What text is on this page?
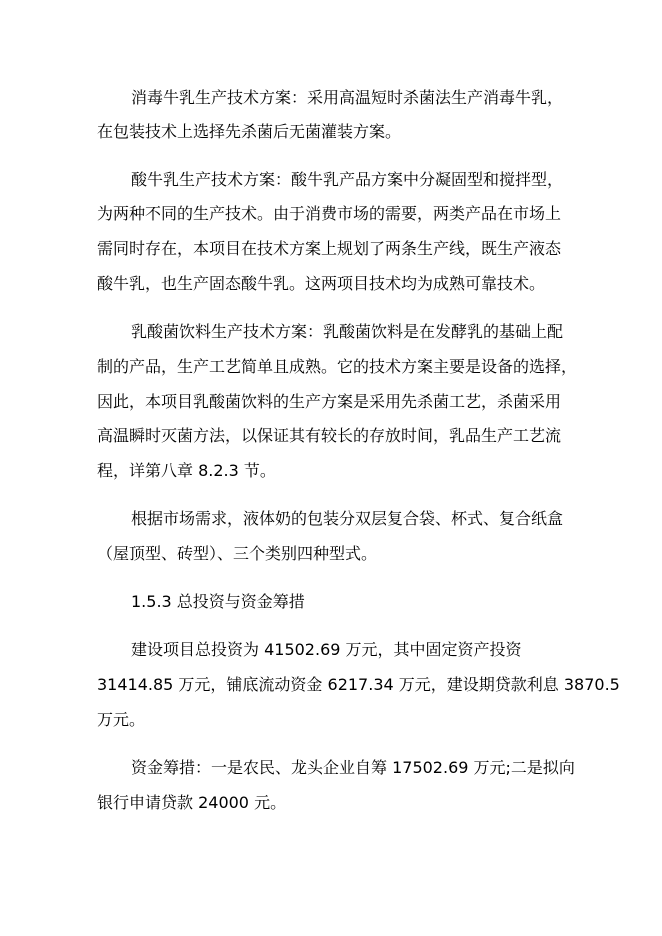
消毒牛乳生产技术方案：采用高温短时杀菌法生产消毒牛乳，
在包装技术上选择先杀菌后无菌灌装方案。
酸牛乳生产技术方案：酸牛乳产品方案中分凝固型和搅拌型，
为两种不同的生产技术。由于消费市场的需要，两类产品在市场上
需同时存在，本项目在技术方案上规划了两条生产线，既生产液态
酸牛乳，也生产固态酸牛乳。这两项目技术均为成熟可靠技术。
乳酸菌饮料生产技术方案：乳酸菌饮料是在发酵乳的基础上配
制的产品，生产工艺简单且成熟。它的技术方案主要是设备的选择，
因此，本项目乳酸菌饮料的生产方案是采用先杀菌工艺，杀菌采用
高温瞬时灭菌方法，以保证其有较长的存放时间，乳品生产工艺流
程，详第八章 8.2.3 节。
根据市场需求，液体奶的包装分双层复合袋、杯式、复合纸盒
（屋顶型、砖型）、三个类别四种型式。
1.5.3 总投资与资金筹措
建设项目总投资为 41502.69 万元，其中固定资产投资
31414.85 万元，铺底流动资金 6217.34 万元，建设期贷款利息 3870.5
万元。
资金筹措：一是农民、龙头企业自筹 17502.69 万元;二是拟向
银行申请贷款 24000 元。
